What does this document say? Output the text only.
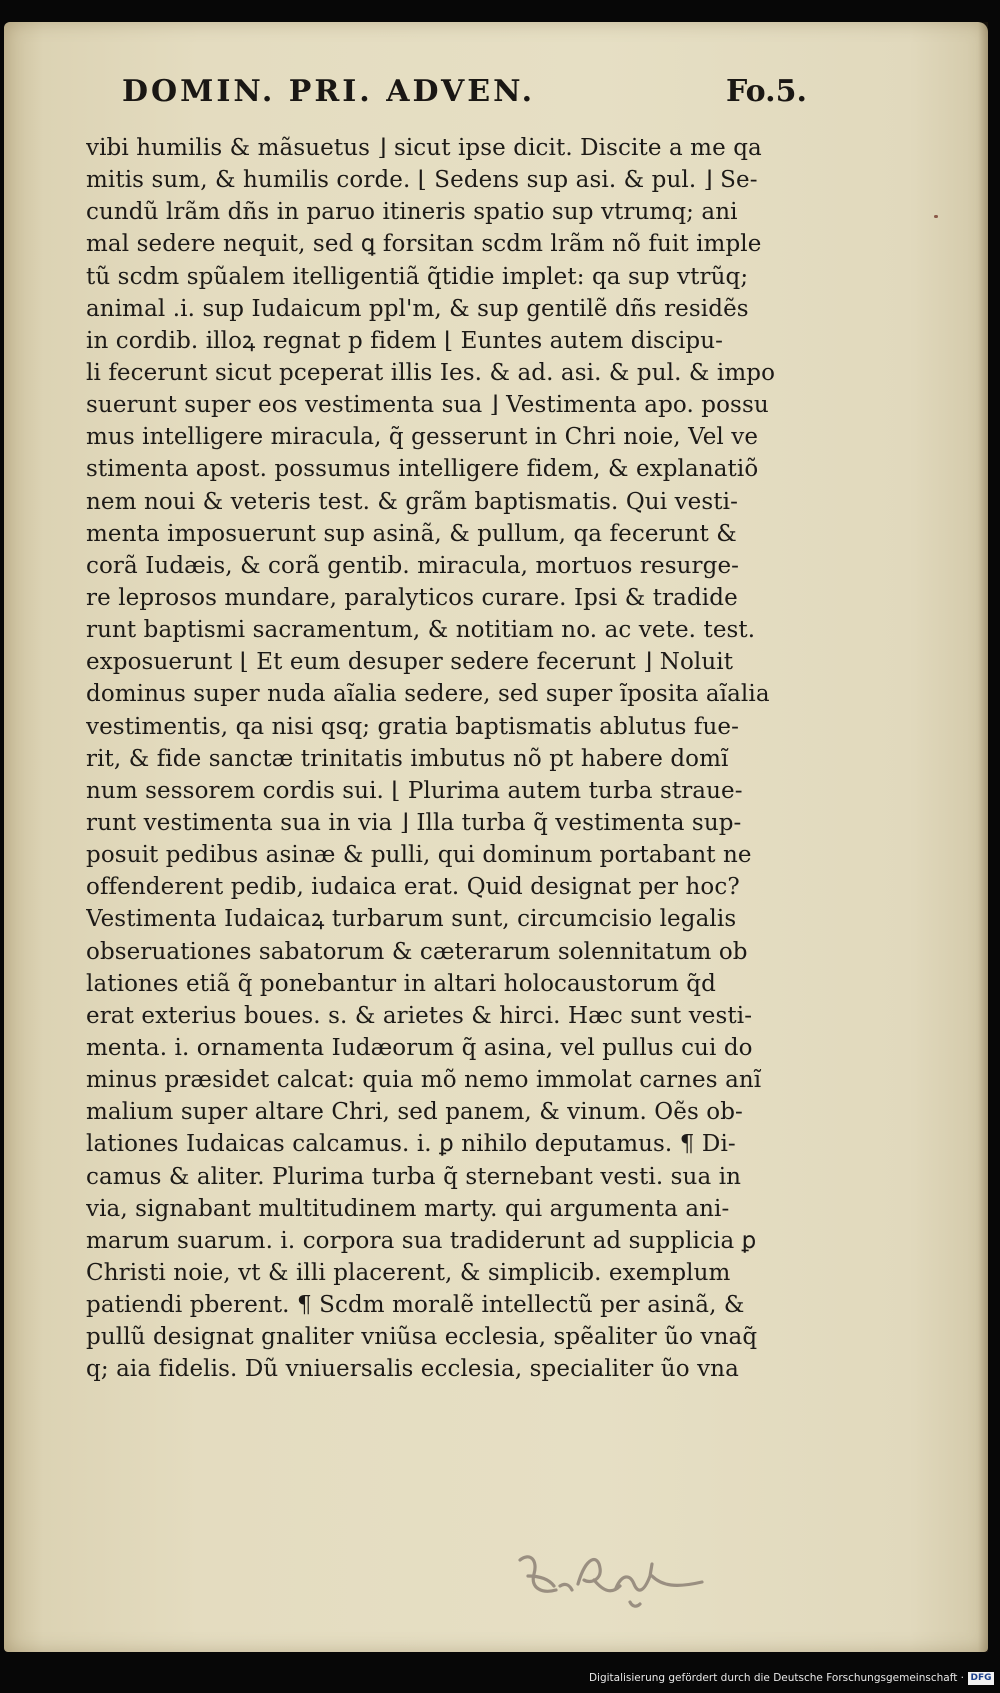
DOMIN. PRI. ADVEN.	Fo.5.
vibi humilis & mãsuetus ⌋ sicut ipse dicit. Discite a me qa
mitis sum, & humilis corde. ⌊ Sedens sup asi. & pul. ⌋ Se-
cundũ lrãm dñs in paruo itineris spatio sup vtrumq; ani
mal sedere nequit, sed ꝗ forsitan scdm lrãm nõ fuit imple
tũ scdm spũalem itelligentiã q̃tidie implet: qa sup vtrũq;
animal .i. sup Iudaicum ppl'm, & sup gentilẽ dñs residẽs
in cordib. illoꝝ regnat p fidem ⌊ Euntes autem discipu-
li fecerunt sicut pceperat illis Ies. & ad. asi. & pul. & impo
suerunt super eos vestimenta sua ⌋ Vestimenta apo. possu
mus intelligere miracula, q̃ gesserunt in Chri noie, Vel ve
stimenta apost. possumus intelligere fidem, & explanatiõ
nem noui & veteris test. & grãm baptismatis. Qui vesti-
menta imposuerunt sup asinã, & pullum, qa fecerunt &
corã Iudæis, & corã gentib. miracula, mortuos resurge-
re leprosos mundare, paralyticos curare. Ipsi & tradide
runt baptismi sacramentum, & notitiam no. ac vete. test.
exposuerunt ⌊ Et eum desuper sedere fecerunt ⌋ Noluit
dominus super nuda aĩalia sedere, sed super ĩposita aĩalia
vestimentis, qa nisi qsq; gratia baptismatis ablutus fue-
rit, & fide sanctæ trinitatis imbutus nõ pt habere domĩ
num sessorem cordis sui. ⌊ Plurima autem turba straue-
runt vestimenta sua in via ⌋ Illa turba q̃ vestimenta sup-
posuit pedibus asinæ & pulli, qui dominum portabant ne
offenderent pedib, iudaica erat. Quid designat per hoc?
Vestimenta Iudaicaꝝ turbarum sunt, circumcisio legalis
obseruationes sabatorum & cæterarum solennitatum ob
lationes etiã q̃ ponebantur in altari holocaustorum q̃d
erat exterius boues. s. & arietes & hirci. Hæc sunt vesti-
menta. i. ornamenta Iudæorum q̃ asina, vel pullus cui do
minus præsidet calcat: quia mõ nemo immolat carnes anĩ
malium super altare Chri, sed panem, & vinum. Oẽs ob-
lationes Iudaicas calcamus. i. ꝑ nihilo deputamus. ¶ Di-
camus & aliter. Plurima turba q̃ sternebant vesti. sua in
via, signabant multitudinem marty. qui argumenta ani-
marum suarum. i. corpora sua tradiderunt ad supplicia ꝑ
Christi noie, vt & illi placerent, & simplicib. exemplum
patiendi pberent. ¶ Scdm moralẽ intellectũ per asinã, &
pullũ designat gnaliter vniũsa ecclesia, spẽaliter ũo vnaq̃
q; aia fidelis. Dũ vniuersalis ecclesia, specialiter ũo vna
Digitalisierung gefördert durch die Deutsche Forschungsgemeinschaft · DFG
